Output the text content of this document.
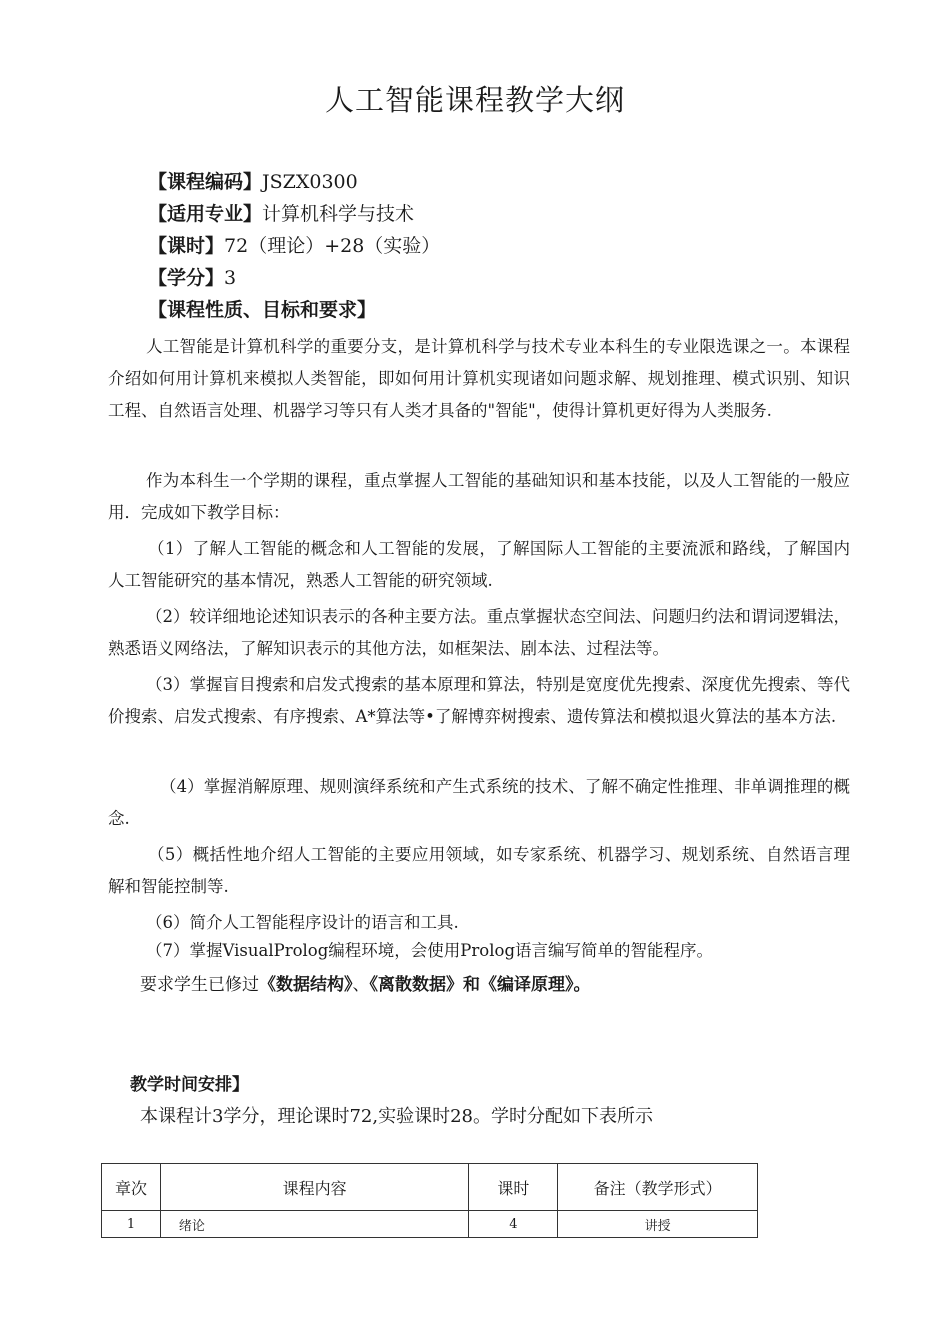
人工智能课程教学大纲
【课程编码】JSZX0300
【适用专业】计算机科学与技术
【课时】72（理论）+28（实验）
【学分】3
【课程性质、目标和要求】

人工智能是计算机科学的重要分支，是计算机科学与技术专业本科生的专业限选课之一。本课程介绍如何用计算机来模拟人类智能，即如何用计算机实现诸如问题求解、规划推理、模式识别、知识工程、自然语言处理、机器学习等只有人类才具备的"智能"，使得计算机更好得为人类服务.

作为本科生一个学期的课程，重点掌握人工智能的基础知识和基本技能，以及人工智能的一般应用．完成如下教学目标：

（1）了解人工智能的概念和人工智能的发展，了解国际人工智能的主要流派和路线，了解国内人工智能研究的基本情况，熟悉人工智能的研究领域.

（2）较详细地论述知识表示的各种主要方法。重点掌握状态空间法、问题归约法和谓词逻辑法，熟悉语义网络法，了解知识表示的其他方法，如框架法、剧本法、过程法等。

（3）掌握盲目搜索和启发式搜索的基本原理和算法，特别是宽度优先搜索、深度优先搜索、等代价搜索、启发式搜索、有序搜索、A*算法等•了解博弈树搜索、遗传算法和模拟退火算法的基本方法.

（4）掌握消解原理、规则演绎系统和产生式系统的技术、了解不确定性推理、非单调推理的概念.

（5）概括性地介绍人工智能的主要应用领域，如专家系统、机器学习、规划系统、自然语言理解和智能控制等.

（6）简介人工智能程序设计的语言和工具.
（7）掌握VisualProlog编程环境，会使用Prolog语言编写简单的智能程序。
要求学生已修过《数据结构》、《离散数据》和《编译原理》。
教学时间安排】
本课程计3学分，理论课时72,实验课时28。学时分配如下表所示
章次	课程内容	课时	备注（教学形式）
1	绪论	4	讲授
